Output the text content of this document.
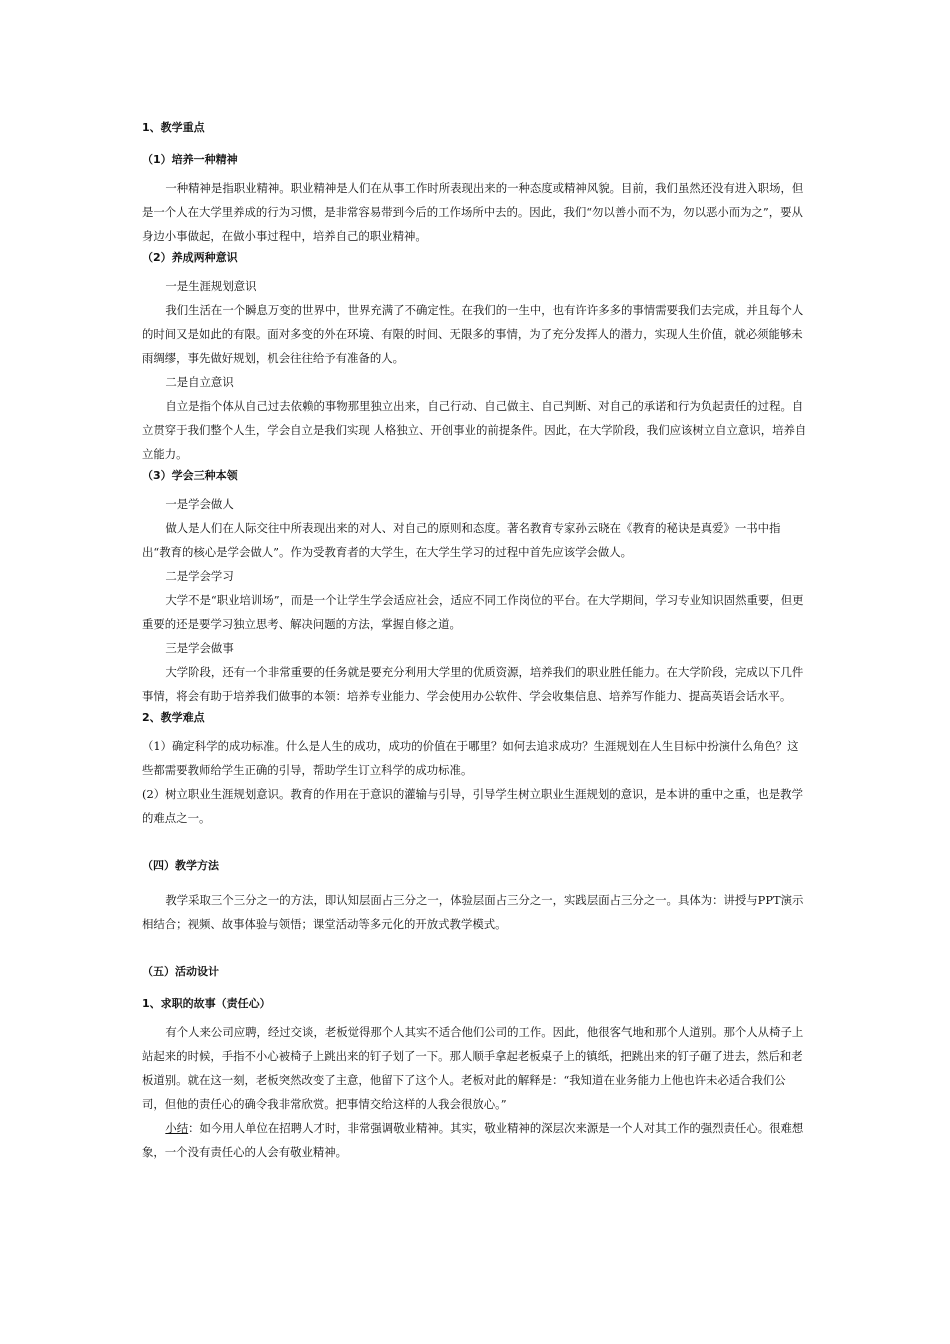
1、教学重点
（1）培养一种精神

一种精神是指职业精神。职业精神是人们在从事工作时所表现出来的一种态度或精神风貌。目前，我们虽然还没有进入职场，但是一个人在大学里养成的行为习惯，是非常容易带到今后的工作场所中去的。因此，我们“勿以善小而不为，勿以恶小而为之”，要从身边小事做起，在做小事过程中，培养自己的职业精神。

（2）养成两种意识

一是生涯规划意识

我们生活在一个瞬息万变的世界中，世界充满了不确定性。在我们的一生中，也有许许多多的事情需要我们去完成，并且每个人的时间又是如此的有限。面对多变的外在环境、有限的时间、无限多的事情，为了充分发挥人的潜力，实现人生价值，就必须能够未雨绸缪，事先做好规划，机会往往给予有准备的人。

二是自立意识

自立是指个体从自己过去依赖的事物那里独立出来，自己行动、自己做主、自己判断、对自己的承诺和行为负起责任的过程。自立贯穿于我们整个人生，学会自立是我们实现 人格独立、开创事业的前提条件。因此，在大学阶段，我们应该树立自立意识，培养自立能力。

（3）学会三种本领

一是学会做人

做人是人们在人际交往中所表现出来的对人、对自己的原则和态度。著名教育专家孙云晓在《教育的秘诀是真爱》一书中指出“教育的核心是学会做人”。作为受教育者的大学生，在大学生学习的过程中首先应该学会做人。

二是学会学习

大学不是“职业培训场”，而是一个让学生学会适应社会，适应不同工作岗位的平台。在大学期间，学习专业知识固然重要，但更重要的还是要学习独立思考、解决问题的方法，掌握自修之道。

三是学会做事

大学阶段，还有一个非常重要的任务就是要充分利用大学里的优质资源，培养我们的职业胜任能力。在大学阶段，完成以下几件事情，将会有助于培养我们做事的本领：培养专业能力、学会使用办公软件、学会收集信息、培养写作能力、提高英语会话水平。

2、教学难点

（1）确定科学的成功标准。什么是人生的成功，成功的价值在于哪里？如何去追求成功？生涯规划在人生目标中扮演什么角色？这些都需要教师给学生正确的引导，帮助学生订立科学的成功标准。

(2）树立职业生涯规划意识。教育的作用在于意识的灌输与引导，引导学生树立职业生涯规划的意识，是本讲的重中之重，也是教学的难点之一。

（四）教学方法

教学采取三个三分之一的方法，即认知层面占三分之一，体验层面占三分之一，实践层面占三分之一。具体为：讲授与PPT演示相结合；视频、故事体验与领悟；课堂活动等多元化的开放式教学模式。

（五）活动设计
1、求职的故事（责任心）

有个人来公司应聘，经过交谈，老板觉得那个人其实不适合他们公司的工作。因此，他很客气地和那个人道别。那个人从椅子上站起来的时候，手指不小心被椅子上跳出来的钉子划了一下。那人顺手拿起老板桌子上的镇纸，把跳出来的钉子砸了进去，然后和老板道别。就在这一刻，老板突然改变了主意，他留下了这个人。老板对此的解释是：“我知道在业务能力上他也许未必适合我们公司，但他的责任心的确令我非常欣赏。把事情交给这样的人我会很放心。”

小结：如今用人单位在招聘人才时，非常强调敬业精神。其实，敬业精神的深层次来源是一个人对其工作的强烈责任心。很难想象，一个没有责任心的人会有敬业精神。
